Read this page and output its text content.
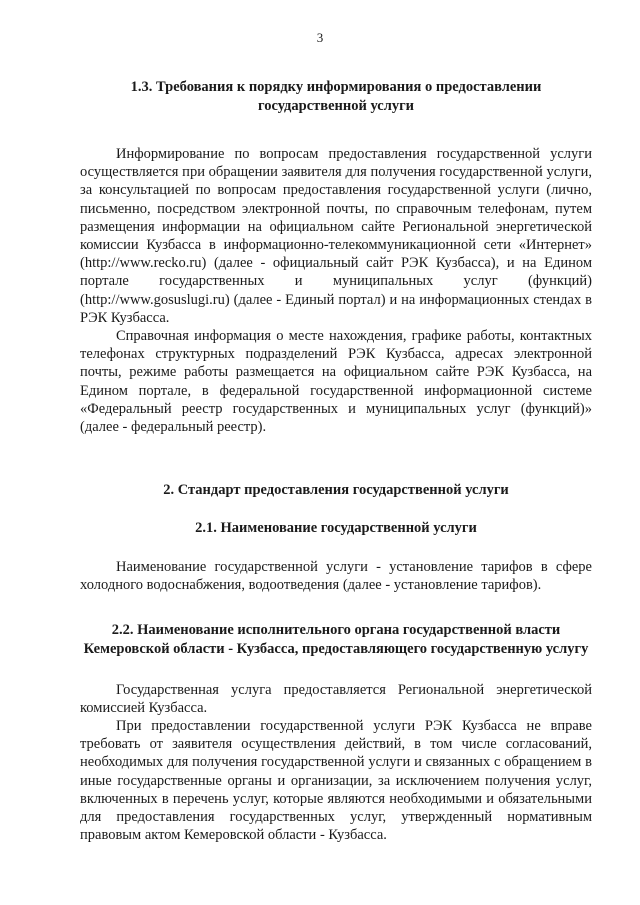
3
1.3. Требования к порядку информирования о предоставлении государственной услуги

Информирование по вопросам предоставления государственной услуги осуществляется при обращении заявителя для получения государственной услуги, за консультацией по вопросам предоставления государственной услуги (лично, письменно, посредством электронной почты, по справочным телефонам, путем размещения информации на официальном сайте Региональной энергетической комиссии Кузбасса в информационно-телекоммуникационной сети «Интернет» (http://www.recko.ru) (далее - официальный сайт РЭК Кузбасса), и на Едином портале государственных и муниципальных услуг (функций) (http://www.gosuslugi.ru) (далее - Единый портал) и на информационных стендах в РЭК Кузбасса.

Справочная информация о месте нахождения, графике работы, контактных телефонах структурных подразделений РЭК Кузбасса, адресах электронной почты, режиме работы размещается на официальном сайте РЭК Кузбасса, на Едином портале, в федеральной государственной информационной системе «Федеральный реестр государственных и муниципальных услуг (функций)» (далее - федеральный реестр).

2. Стандарт предоставления государственной услуги
2.1. Наименование государственной услуги

Наименование государственной услуги - установление тарифов в сфере холодного водоснабжения, водоотведения (далее - установление тарифов).

2.2. Наименование исполнительного органа государственной власти Кемеровской области - Кузбасса, предоставляющего государственную услугу

Государственная услуга предоставляется Региональной энергетической комиссией Кузбасса.

При предоставлении государственной услуги РЭК Кузбасса не вправе требовать от заявителя осуществления действий, в том числе согласований, необходимых для получения государственной услуги и связанных с обращением в иные государственные органы и организации, за исключением получения услуг, включенных в перечень услуг, которые являются необходимыми и обязательными для предоставления государственных услуг, утвержденный нормативным правовым актом Кемеровской области - Кузбасса.
